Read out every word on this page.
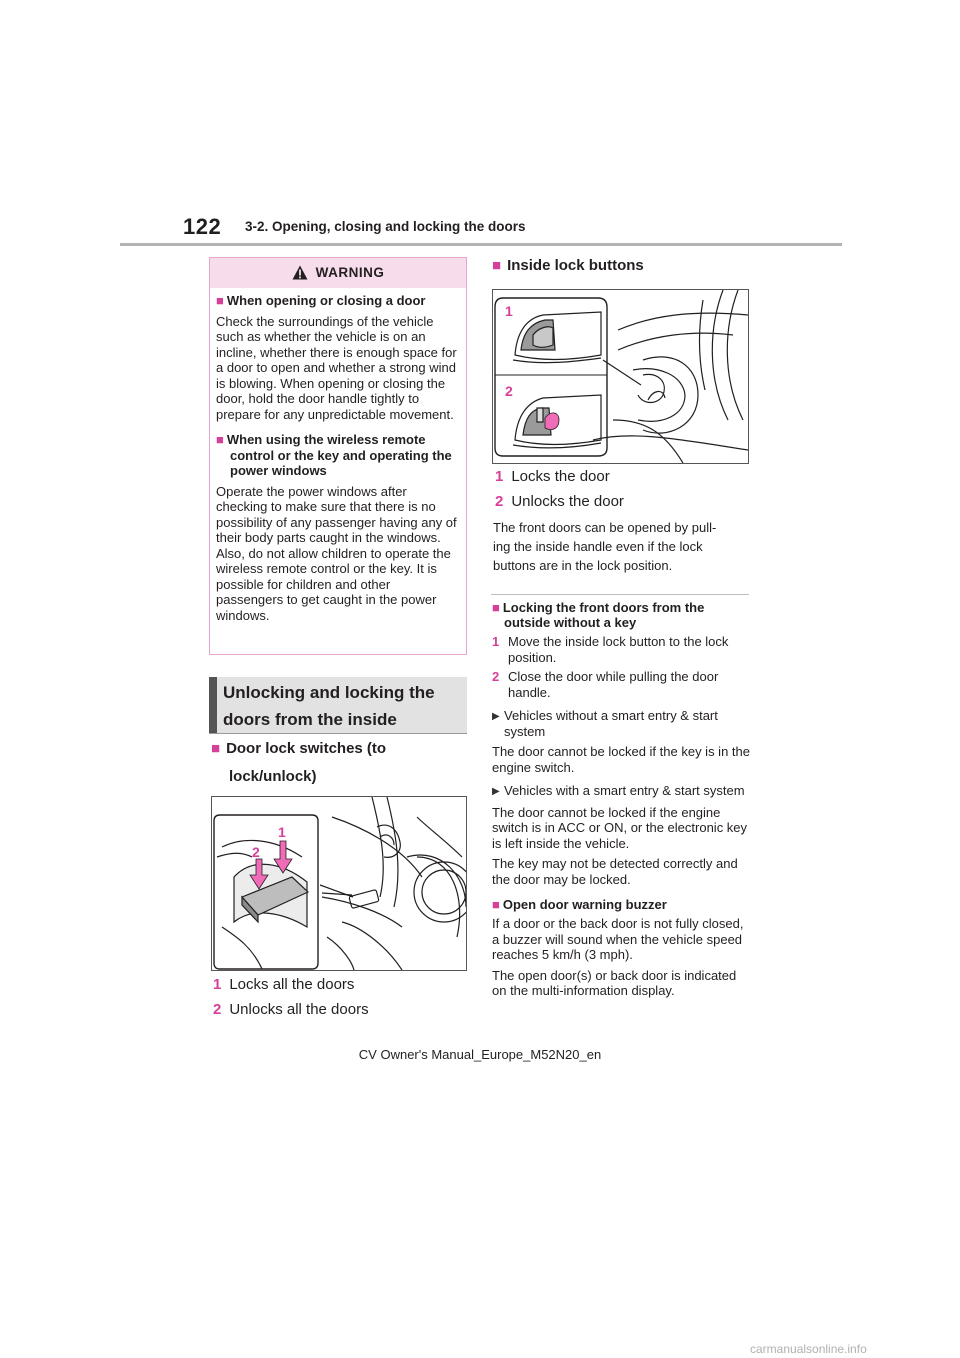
122 3-2. Opening, closing and locking the doors
WARNING

■ When opening or closing a door

Check the surroundings of the vehicle such as whether the vehicle is on an incline, whether there is enough space for a door to open and whether a strong wind is blowing. When opening or closing the door, hold the door handle tightly to prepare for any unpredictable movement.

■ When using the wireless remote control or the key and operating the power windows

Operate the power windows after checking to make sure that there is no possibility of any passenger having any of their body parts caught in the windows. Also, do not allow children to operate the wireless remote control or the key. It is possible for children and other passengers to get caught in the power windows.

Unlocking and locking the
doors from the inside
■ Door lock switches (to
lock/unlock)
1
2
1 Locks all the doors
2 Unlocks all the doors
■ Inside lock buttons
1
2
1 Locks the door
2 Unlocks the door
The front doors can be opened by pull-
ing the inside handle even if the lock
buttons are in the lock position.
■ Locking the front doors from the outside without a key
1 Move the inside lock button to the lock position.
2 Close the door while pulling the door handle.
▶ Vehicles without a smart entry & start system

The door cannot be locked if the key is in the engine switch.

▶ Vehicles with a smart entry & start system

The door cannot be locked if the engine switch is in ACC or ON, or the electronic key is left inside the vehicle.

The key may not be detected correctly and the door may be locked.

■ Open door warning buzzer

If a door or the back door is not fully closed, a buzzer will sound when the vehicle speed reaches 5 km/h (3 mph).

The open door(s) or back door is indicated on the multi-information display.

CV Owner's Manual_Europe_M52N20_en
carmanualsonline.info
